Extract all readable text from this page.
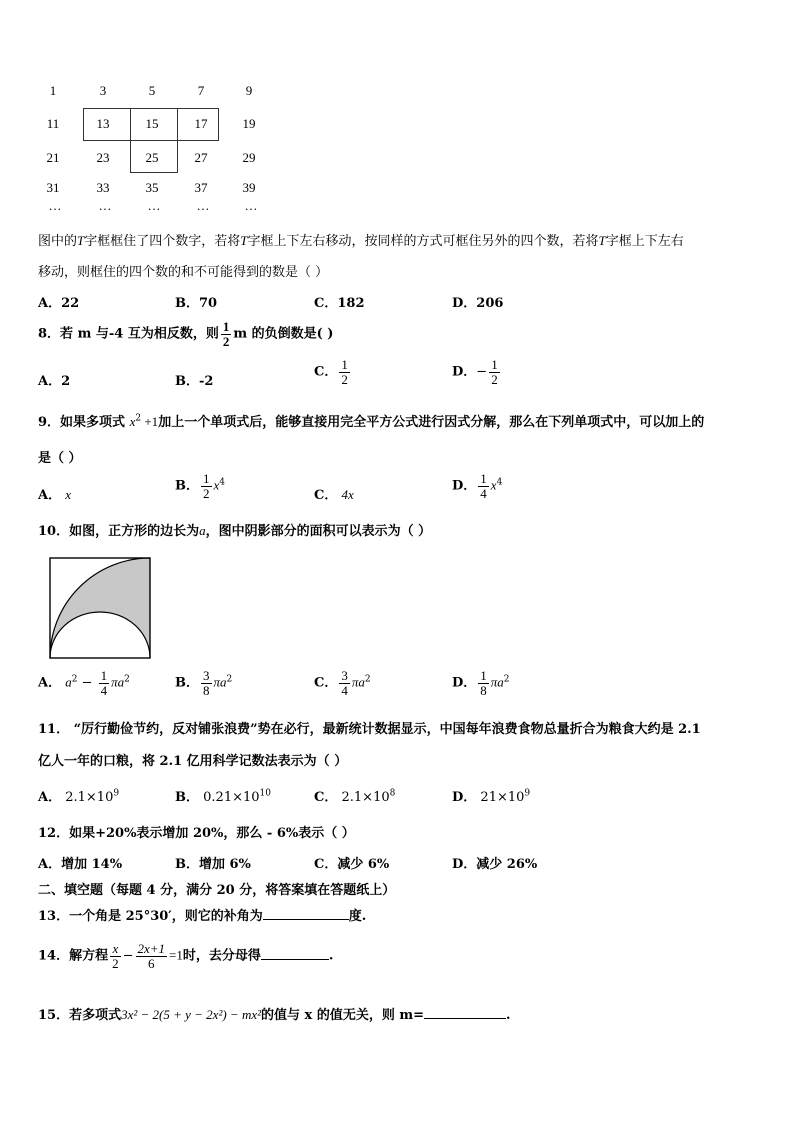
1	3	5	7	9
11	13	15	17	19
21	23	25	27	29
31	33	35	37	39
…	…	…	…	…
图中的T字框框住了四个数字，若将T字框上下左右移动，按同样的方式可框住另外的四个数，若将T字框上下左右
移动，则框住的四个数的和不可能得到的数是（ ）
A．22	B．70	C．182	D．206
8．若 m 与-4 互为相反数，则 $\frac{1}{2}$ m 的负倒数是( )
A．2	B．-2
C． $\frac{1}{2}$	D．− $\frac{1}{2}$
9．如果多项式 $x^2 +1$加上一个单项式后，能够直接用完全平方公式进行因式分解，那么在下列单项式中，可以加上的
是（ ）
A． x
B． $\frac{1}{2} x^4$
C． 4x
D． $\frac{1}{4} x^4$
10．如图，正方形的边长为a，图中阴影部分的面积可以表示为（ ）
A． $a^2 - \frac{1}{4} \pi a^2$	B． $\frac{3}{8} \pi a^2$	C． $\frac{3}{4} \pi a^2$	D． $\frac{1}{8} \pi a^2$
11． “厉行勤俭节约，反对铺张浪费”势在必行，最新统计数据显示，中国每年浪费食物总量折合为粮食大约是 2.1
亿人一年的口粮，将 2.1 亿用科学记数法表示为（ ）
A． $2.1\times 10^9$	B． $0.21\times 10^{10}$	C． $2.1\times 10^8$	D． $21\times 10^9$
12．如果+20%表示增加 20%，那么 - 6%表示（ ）
A．增加 14%	B．增加 6%	C．减少 6%	D．减少 26%
二、填空题（每题 4 分，满分 20 分，将答案填在答题纸上）
13．一个角是 25°30′，则它的补角为	度.
14．解方程 $\frac{x}{2} - \frac{2x+1}{6} =1$时，去分母得	.
15．若多项式3x² − 2(5 + y − 2x²) − mx²的值与 x 的值无关，则 m=	.
